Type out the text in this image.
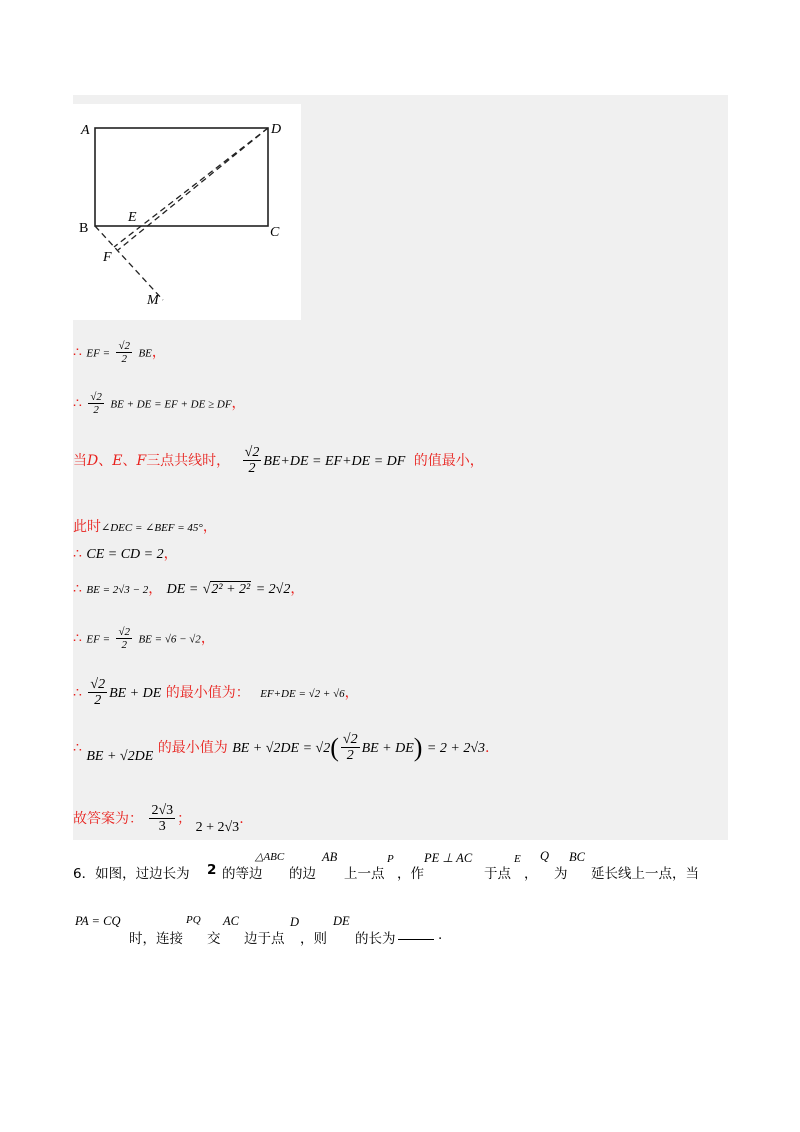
A	D
B	C
E
F
M
∴ EF = $\frac{√2}{2}$ BE，
∴ $\frac{√2}{2}$ BE + DE = EF + DE ≥ DF，
当D、E、F三点共线时， $\frac{√2}{2} BE+DE = EF+DE$ = DF 的值最小，
此时∠DEC = ∠BEF = 45°，
∴ CE = CD = 2，
∴ BE = 2√3 − 2， DE = √2² + 2² = 2√2，
∴ EF = $\frac{√2}{2}$ BE = √6 − √2，
∴ $\frac{√2}{2}$ BE + DE 的最小值为： EF+DE = √2 + √6，
∴ BE + √2DE 的最小值为 BE + $√2DE = √2( \frac{√2}{2}$ BE + DE) = 2 + 2√3.
故答案为： $\frac{2√3}{3}$ ； 2 + 2√3.
6．如图，过边长为 2 的等边
△ABC
的边
AB
上一点
P
，作
PE ⊥ AC
于点
E
，
Q
为
BC
延长线上一点，当
PA = CQ
时，连接
PQ
交
AC
边于点
D
，则
DE
的长为	.
